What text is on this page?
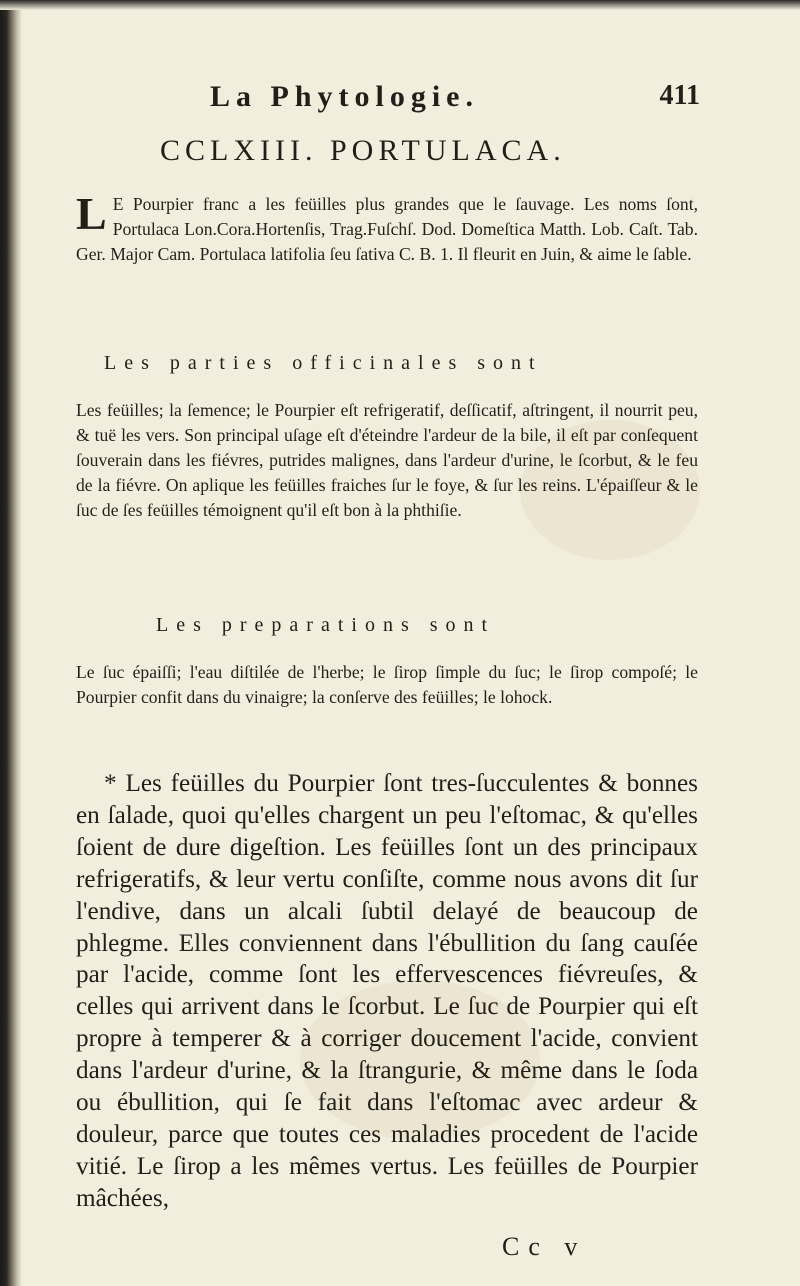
La Phytologie.	411
CCLXIII. PORTULACA.
L E Pourpier franc a les feüilles plus grandes que le ſauvage. Les noms ſont, Portulaca Lon.Cora.Hortenſis, Trag.Fuſchſ. Dod. Domeſtica Matth. Lob. Caſt. Tab. Ger. Major Cam. Portulaca latifolia ſeu ſativa C. B. 1. Il fleurit en Juin, & aime le ſable.
Les parties officinales sont
Les feüilles; la ſemence; le Pourpier eſt refrigeratif, deſſicatif, aſtringent, il nourrit peu, & tuë les vers. Son principal uſage eſt d'éteindre l'ardeur de la bile, il eſt par conſequent ſouverain dans les fiévres, putrides malignes, dans l'ardeur d'urine, le ſcorbut, & le feu de la fiévre. On aplique les feüilles fraiches ſur le foye, & ſur les reins. L'épaiſſeur & le ſuc de ſes feüilles témoignent qu'il eſt bon à la phthiſie.
Les preparations sont
Le ſuc épaiſſi; l'eau diſtilée de l'herbe; le ſirop ſimple du ſuc; le ſirop compoſé; le Pourpier confit dans du vinaigre; la conſerve des feüilles; le lohock.
* Les feüilles du Pourpier ſont tres-ſucculentes & bonnes en ſalade, quoi qu'elles chargent un peu l'eſtomac, & qu'elles ſoient de dure digeſtion. Les feüilles ſont un des principaux refrigeratifs, & leur vertu conſiſte, comme nous avons dit ſur l'endive, dans un alcali ſubtil delayé de beaucoup de phlegme. Elles conviennent dans l'ébullition du ſang cauſée par l'acide, comme ſont les effervescences fiévreuſes, & celles qui arrivent dans le ſcorbut. Le ſuc de Pourpier qui eſt propre à temperer & à corriger doucement l'acide, convient dans l'ardeur d'urine, & la ſtrangurie, & même dans le ſoda ou ébullition, qui ſe fait dans l'eſtomac avec ardeur & douleur, parce que toutes ces maladies procedent de l'acide vitié. Le ſirop a les mêmes vertus. Les feüilles de Pourpier mâchées,
Cc v
